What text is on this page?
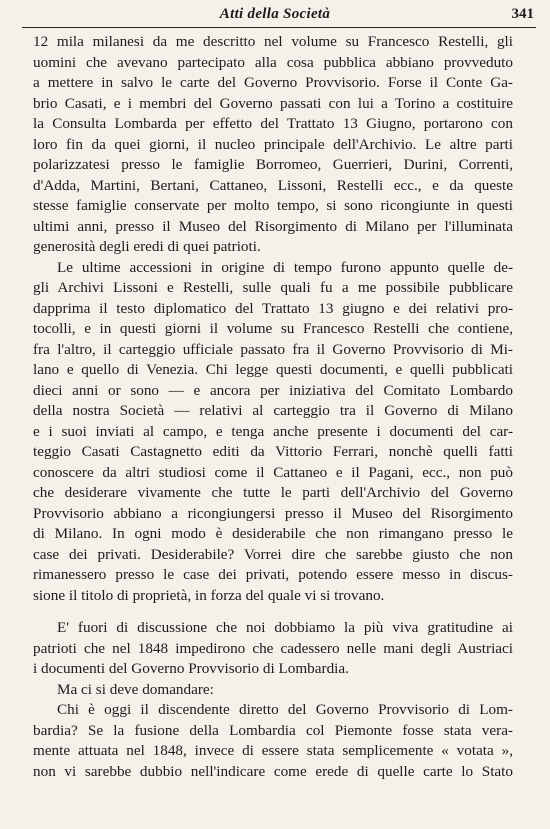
Atti della Società	341
12 mila milanesi da me descritto nel volume su Francesco Restelli, gli
uomini che avevano partecipato alla cosa pubblica abbiano provveduto
a mettere in salvo le carte del Governo Provvisorio. Forse il Conte Ga-
brio Casati, e i membri del Governo passati con lui a Torino a costituire
la Consulta Lombarda per effetto del Trattato 13 Giugno, portarono con
loro fin da quei giorni, il nucleo principale dell'Archivio. Le altre parti
polarizzatesi presso le famiglie Borromeo, Guerrieri, Durini, Correnti,
d'Adda, Martini, Bertani, Cattaneo, Lissoni, Restelli ecc., e da queste
stesse famiglie conservate per molto tempo, si sono ricongiunte in questi
ultimi anni, presso il Museo del Risorgimento di Milano per l'illuminata
generosità degli eredi di quei patrioti.
Le ultime accessioni in origine di tempo furono appunto quelle de-
gli Archivi Lissoni e Restelli, sulle quali fu a me possibile pubblicare
dapprima il testo diplomatico del Trattato 13 giugno e dei relativi pro-
tocolli, e in questi giorni il volume su Francesco Restelli che contiene,
fra l'altro, il carteggio ufficiale passato fra il Governo Provvisorio di Mi-
lano e quello di Venezia. Chi legge questi documenti, e quelli pubblicati
dieci anni or sono — e ancora per iniziativa del Comitato Lombardo
della nostra Società — relativi al carteggio tra il Governo di Milano
e i suoi inviati al campo, e tenga anche presente i documenti del car-
teggio Casati Castagnetto editi da Vittorio Ferrari, nonchè quelli fatti
conoscere da altri studiosi come il Cattaneo e il Pagani, ecc., non può
che desiderare vivamente che tutte le parti dell'Archivio del Governo
Provvisorio abbiano a ricongiungersi presso il Museo del Risorgimento
di Milano. In ogni modo è desiderabile che non rimangano presso le
case dei privati. Desiderabile? Vorrei dire che sarebbe giusto che non
rimanessero presso le case dei privati, potendo essere messo in discus-
sione il titolo di proprietà, in forza del quale vi si trovano.
E' fuori di discussione che noi dobbiamo la più viva gratitudine ai
patrioti che nel 1848 impedirono che cadessero nelle mani degli Austriaci
i documenti del Governo Provvisorio di Lombardia.
Ma ci si deve domandare:
Chi è oggi il discendente diretto del Governo Provvisorio di Lom-
bardia? Se la fusione della Lombardia col Piemonte fosse stata vera-
mente attuata nel 1848, invece di essere stata semplicemente « votata »,
non vi sarebbe dubbio nell'indicare come erede di quelle carte lo Stato
